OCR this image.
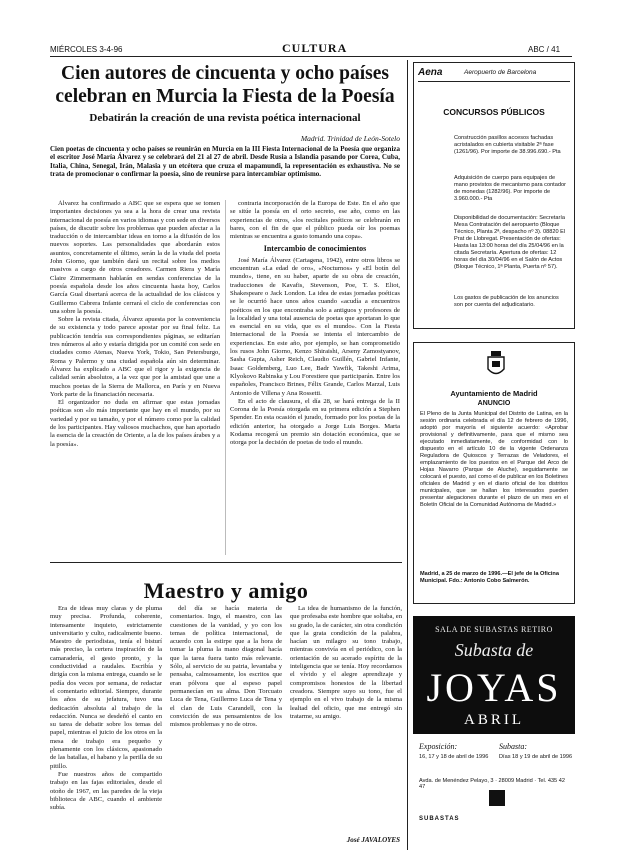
MIÉRCOLES 3-4-96	CULTURA	ABC / 41
Cien autores de cincuenta y ocho países celebran en Murcia la Fiesta de la Poesía
Debatirán la creación de una revista poética internacional
Madrid. Trinidad de León-Sotelo
Cien poetas de cincuenta y ocho países se reunirán en Murcia en la III Fiesta Internacional de la Poesía que organiza el escritor José María Álvarez y se celebrará del 21 al 27 de abril. Desde Rusia a Islandia pasando por Corea, Cuba, Italia, China, Senegal, Irán, Malasia y un etcétera que cruza el mapamundi, la representación es exhaustiva. No se trata de promocionar o confirmar la poesía, sino de reunirse para intercambiar optimismo.

Álvarez ha confirmado a ABC que se espera que se tomen importantes decisiones ya sea a la hora de crear una revista internacional de poesía en varios idiomas y con sede en diversos países, de discutir sobre los problemas que pueden afectar a la traducción o de intercambiar ideas en torno a la difusión de los nuevos soportes. Las personalidades que abordarán estos asuntos, concretamente el último, serán la de la viuda del poeta John Giorno, que también dará un recital sobre los medios masivos a cargo de otros creadores. Carmen Riera y María Claire Zimmermann hablarán en sendas conferencias de la poesía española desde los años cincuenta hasta hoy, Carlos García Gual disertará acerca de la actualidad de los clásicos y Guillermo Cabrera Infante cerrará el ciclo de conferencias con una sobre la poesía.

Sobre la revista citada, Álvarez apuesta por la conveniencia de su existencia y todo parece apostar por su final feliz. La publicación tendría sus correspondientes páginas, se editarían tres números al año y estaría dirigida por un comité con sede en ciudades como Atenas, Nueva York, Tokio, San Petersburgo, Roma y Palermo y una ciudad española aún sin determinar. Álvarez ha explicado a ABC que el rigor y la exigencia de calidad serán absolutos, a la vez que por la amistad que une a muchos poetas de la Sierra de Mallorca, en París y en Nueva York parte de la financiación necesaria.

El organizador no duda en afirmar que estas jornadas poéticas son «lo más importante que hay en el mundo, por su variedad y por su tamaño, y por el número como por la calidad de los participantes. Hay valiosos muchachos, que han aportado la esencia de la creación de Oriente, a la de los países árabes y a la poesía».

contraria incorporación de la Europa de Este. En el año que se sitúe la poesía en el orto secreto, ese año, como en las experiencias de otros, «los recitales poéticos se celebrarán en bares, con el fin de que el público pueda oír los poemas mientras se encuentra a gusto tomando una copa».

Intercambio de conocimientos

José María Álvarez (Cartagena, 1942), entre otros libros se encuentran «La edad de oro», «Nocturnos» y «El botín del mundo», tiene, en su haber, aparte de su obra de creación, traducciones de Kavafis, Stevenson, Poe, T. S. Eliot, Shakespeare o Jack London. La idea de estas jornadas poéticas se le ocurrió hace unos años cuando «acudía a encuentros poéticos en los que encontraba solo a antiguos y profesores de la localidad y una total ausencia de poetas que aportaran lo que es esencial en su vida, que es el mundo». Con la Fiesta Internacional de la Poesía se intenta el intercambio de experiencias. En este año, por ejemplo, se han comprometido los rusos John Giorno, Kenzo Shiraishi, Arseny Zamostyanov, Sasha Gupta, Asher Reich, Claudio Guillén, Gabriel Infante, Isaac Goldemberg, Luo Lee, Badr Yawfik, Takeshi Arima, Klyokovo Rabinska y Lou Forestiere que participarán. Entre los españoles, Francisco Brines, Félix Grande, Carlos Marzal, Luis Antonio de Villena y Ana Rossetti.

En el acto de clausura, el día 28, se hará entrega de la II Corona de la Poesía otorgada en su primera edición a Stephen Spender. En esta ocasión el jurado, formado por los poetas de la edición anterior, ha otorgado a Jorge Luis Borges. Marta Kodama recogerá un premio sin dotación económica, que se otorga por la decisión de poetas de todo el mundo.

Maestro y amigo

Era de ideas muy claras y de pluma muy precisa. Profunda, coherente, intensamente inquieto, estrictamente universitario y culto, radicalmente bueno. Maestro de periodistas, tenía el bisturí más preciso, la certera inspiración de la camaradería, el gesto pronto, y la conductividad a raudales. Escribía y dirigía con la misma entrega, cuando se le pedía dos veces por semana, de redactar el comentario editorial. Siempre, durante los años de su jefatura, tuvo una dedicación absoluta al trabajo de la redacción. Nunca se desdeñó el canto en su tarea de debatir sobre los temas del papel, mientras el juicio de los otros en la mesa de trabajo era pequeño y plenamente con los clásicos, apasionado de las batallas, el habano y la perilla de su pitillo.

Fue nuestros años de compartido trabajo en las fajas editoriales, desde el otoño de 1967, en las paredes de la vieja biblioteca de ABC, cuando el ambiente subía.

del día se hacía materia de comentarios. Ingo, el maestro, con las cuestiones de la vanidad, y yo con los temas de política internacional, de acuerdo con la estirpe que a la hora de tomar la pluma la mano diagonal hacía que la tarea fuera tanto más relevante. Sólo, al servicio de su patria, levantaba y pensaba, calmosamente, los escritos que eran pólvora que al espeso papel permanecían en su alma. Don Torcuato Luca de Tena, Guillermo Luca de Tena y el clan de Luis Carandell, con la convicción de sus pensamientos de los mismos problemas y no de otros.

La idea de humanismo de la función, que profesaba este hombre que soltaba, en su grado, la de carácter, sin otra condición que la grata condición de la palabra, hacían un milagro su tono trabajo, mientras convivía en el periódico, con la orientación de su acerado espíritu de la inteligencia que se tenía. Hoy recordamos el vívido y el alegre aprendizaje y compromisos honestos de la libertad creadora. Siempre suyo su tono, fue el ejemplo en el vivo trabajo de la misma lealtad del oficio, que me entregó sin tratarme, su amigo.

José JAVALOYES
Aena	Aeropuerto de Barcelona
CONCURSOS PÚBLICOS
Construcción pasillos accesos fachadas acristalados en cubierta visitable 2ª fase (1261/96). Por importe de 38.996.690.- Pta
Adquisición de cuerpo para equipajes de mano provistos de mecanismo para contador de monedas (1282/96). Por importe de 3.960.000.- Pta
Disponibilidad de documentación: Secretaría Mesa Contratación del aeropuerto (Bloque Técnico, Planta 2ª, despacho nº 3). 08820 El Prat de Llobregat. Presentación de ofertas: Hasta las 13:00 horas del día 25/04/96 en la citada Secretaría. Apertura de ofertas: 12 horas del día 30/04/96 en el Salón de Actos (Bloque Técnico, 1ª Planta, Puerta nº 57).
Los gastos de publicación de los anuncios son por cuenta del adjudicatario.
Ayuntamiento de Madrid
ANUNCIO
El Pleno de la Junta Municipal del Distrito de Latina, en la sesión ordinaria celebrada el día 12 de febrero de 1996, adoptó por mayoría el siguiente acuerdo: «Aprobar provisional y definitivamente, para que el mismo sea ejecutado inmediatamente, de conformidad con lo dispuesto en el artículo 10 de la vigente Ordenanza Reguladora de Quioscos y Terrazas de Veladores, el emplazamiento de los puestos en el Parque del Arco de Hojas Navarro (Parque de Aluche), seguidamente se colocará el puesto, así como el de publicar en los Boletines oficiales de Madrid y en el diario oficial de los distritos municipales, que se hallan los interesados pueden presentar alegaciones durante el plazo de un mes en el Boletín Oficial de la Comunidad Autónoma de Madrid.»
Madrid, a 25 de marzo de 1996.—El jefe de la Oficina Municipal. Fdo.: Antonio Cobo Salmerón.
SALA DE SUBASTAS RETIRO
Subasta de
JOYAS
ABRIL
Exposición:
16, 17 y 18 de abril de 1996
Subasta:
Días 18 y 19 de abril de 1996
Avda. de Menéndez Pelayo, 3 · 28009 Madrid · Tel. 435 42 47
SUBASTAS
